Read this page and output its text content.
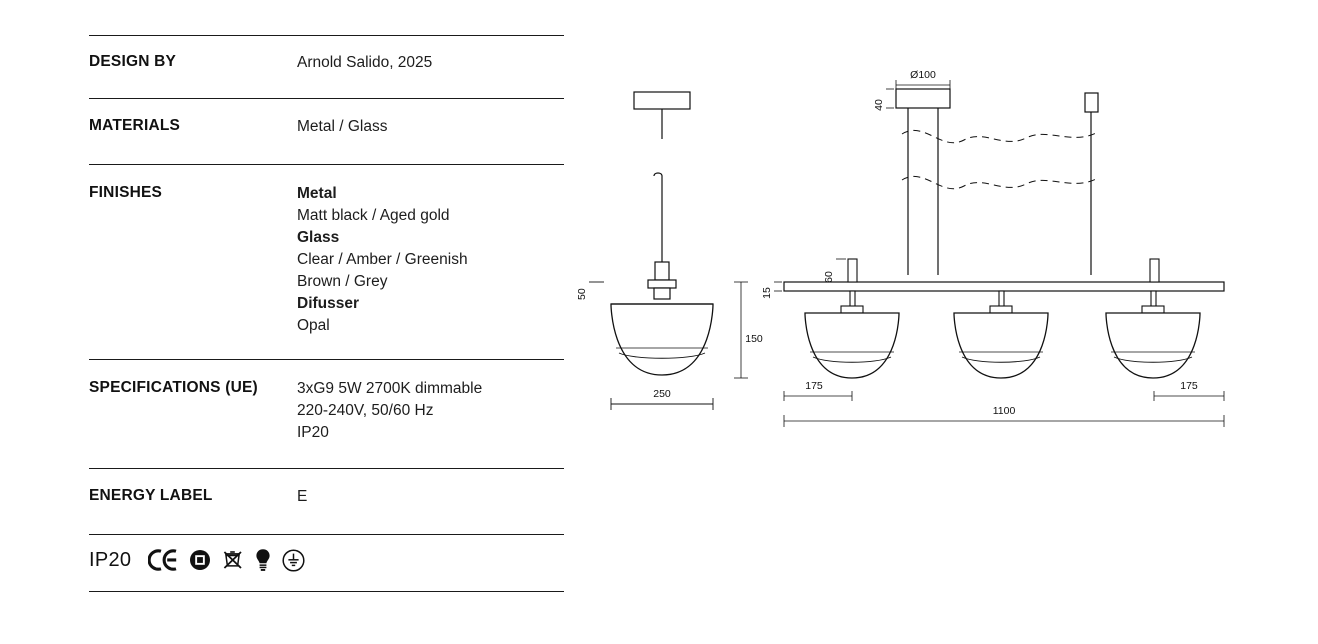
DESIGN BY	Arnold Salido, 2025
MATERIALS	Metal / Glass
FINISHES	Metal
Matt black / Aged gold
Glass
Clear / Amber / Greenish
Brown / Grey
Difusser
Opal
SPECIFICATIONS (UE)	3xG9 5W 2700K dimmable
220-240V, 50/60 Hz
IP20
ENERGY LABEL	E
IP20
50
250
Ø100
40
15
60
150
175	175
1100
